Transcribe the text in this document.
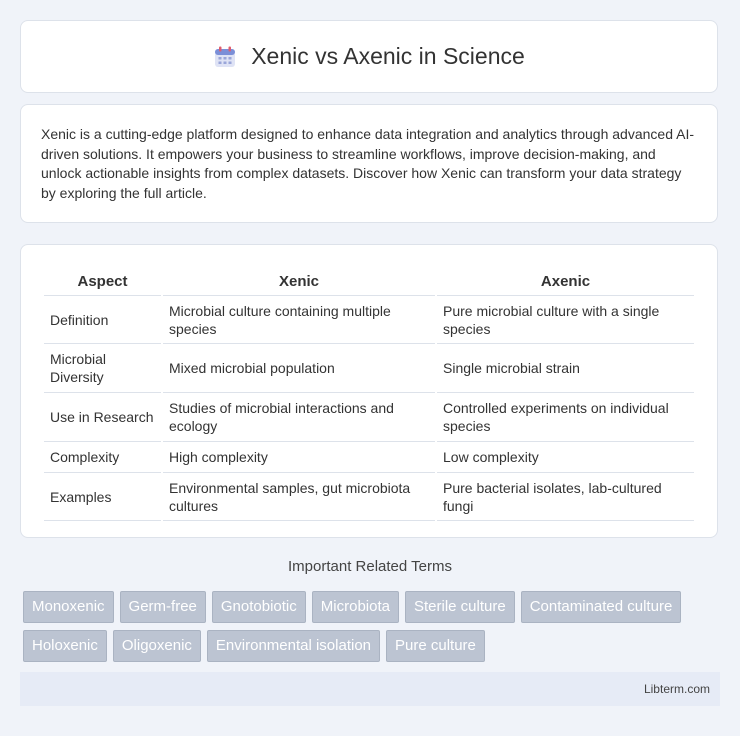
Xenic vs Axenic in Science
Xenic is a cutting-edge platform designed to enhance data integration and analytics through advanced AI-driven solutions. It empowers your business to streamline workflows, improve decision-making, and unlock actionable insights from complex datasets. Discover how Xenic can transform your data strategy by exploring the full article.
Aspect	Xenic	Axenic
Definition	Microbial culture containing multiple species	Pure microbial culture with a single species
Microbial Diversity	Mixed microbial population	Single microbial strain
Use in Research	Studies of microbial interactions and ecology	Controlled experiments on individual species
Complexity	High complexity	Low complexity
Examples	Environmental samples, gut microbiota cultures	Pure bacterial isolates, lab-cultured fungi
Important Related Terms
Monoxenic	Germ-free	Gnotobiotic	Microbiota	Sterile culture	Contaminated culture
Holoxenic	Oligoxenic	Environmental isolation	Pure culture
Libterm.com
